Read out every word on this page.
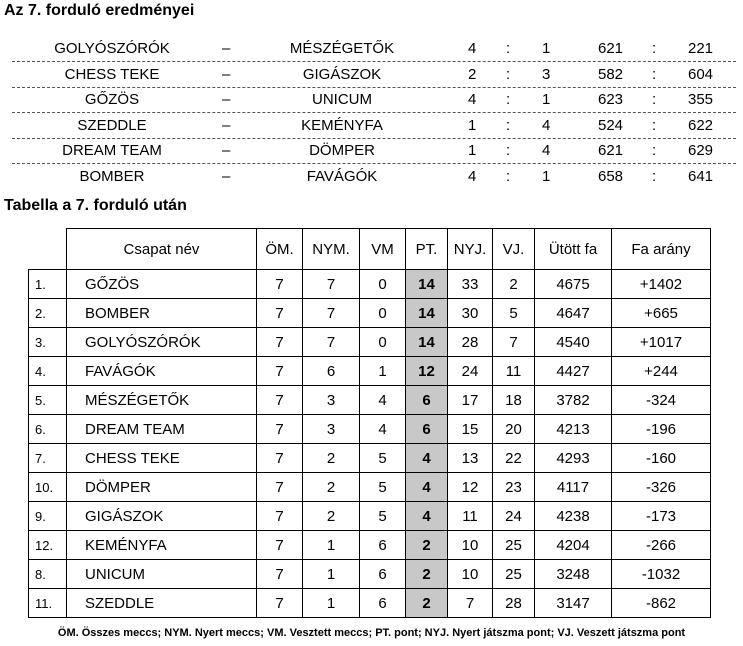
Az 7. forduló eredményei
GOLYÓSZÓRÓK	–	MÉSZÉGETŐK	4 : 1	621 : 221
CHESS TEKE	–	GIGÁSZOK	2 : 3	582 : 604
GŐZÖS	–	UNICUM	4 : 1	623 : 355
SZEDDLE	–	KEMÉNYFA	1 : 4	524 : 622
DREAM TEAM	–	DÖMPER	1 : 4	621 : 629
BOMBER	–	FAVÁGÓK	4 : 1	658 : 641
Tabella a 7. forduló után
	Csapat név	ÖM.	NYM.	VM	PT.	NYJ.	VJ.	Ütött fa	Fa arány
1.	GŐZÖS	7	7	0	14	33	2	4675	+1402
2.	BOMBER	7	7	0	14	30	5	4647	+665
3.	GOLYÓSZÓRÓK	7	7	0	14	28	7	4540	+1017
4.	FAVÁGÓK	7	6	1	12	24	11	4427	+244
5.	MÉSZÉGETŐK	7	3	4	6	17	18	3782	-324
6.	DREAM TEAM	7	3	4	6	15	20	4213	-196
7.	CHESS TEKE	7	2	5	4	13	22	4293	-160
10.	DÖMPER	7	2	5	4	12	23	4117	-326
9.	GIGÁSZOK	7	2	5	4	11	24	4238	-173
12.	KEMÉNYFA	7	1	6	2	10	25	4204	-266
8.	UNICUM	7	1	6	2	10	25	3248	-1032
11.	SZEDDLE	7	1	6	2	7	28	3147	-862
ÖM. Összes meccs; NYM. Nyert meccs; VM. Vesztett meccs; PT. pont; NYJ. Nyert játszma pont; VJ. Veszett játszma pont
